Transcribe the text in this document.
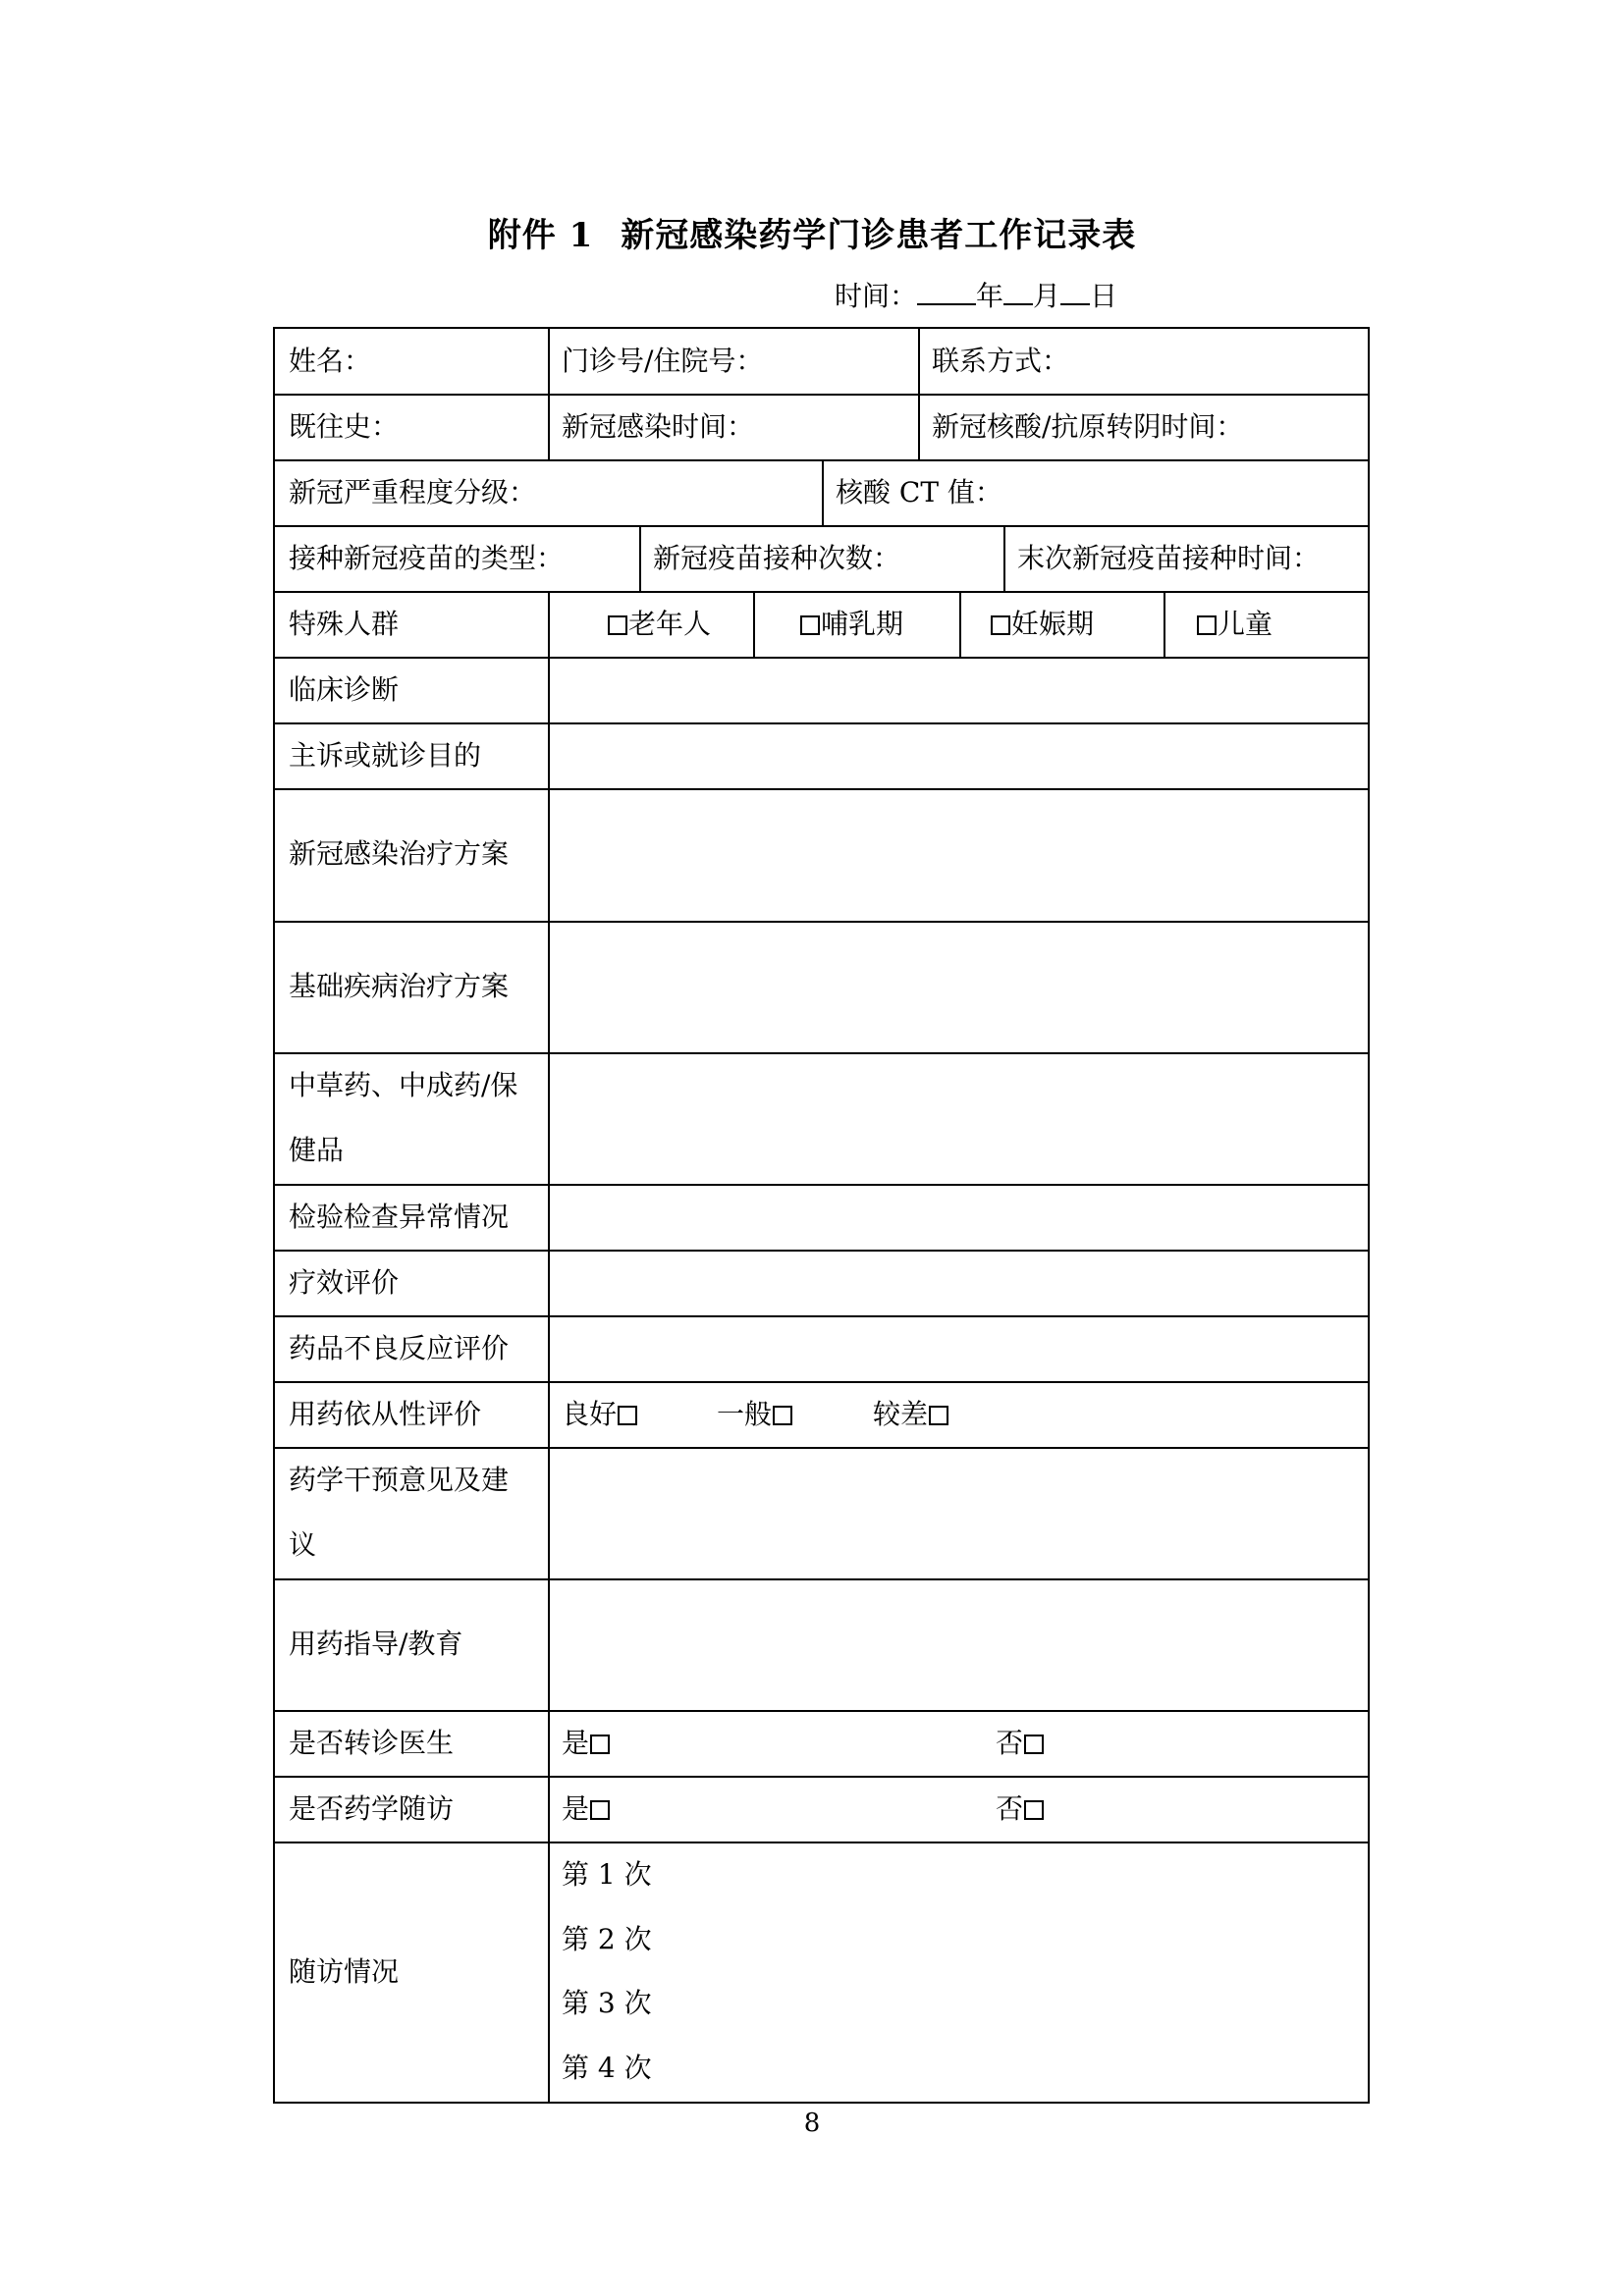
附件 1 新冠感染药学门诊患者工作记录表
时间： 年 月 日
姓名：	门诊号/住院号：	联系方式：
既往史：	新冠感染时间：	新冠核酸/抗原转阴时间：
新冠严重程度分级：	核酸 CT 值：
接种新冠疫苗的类型：	新冠疫苗接种次数：	末次新冠疫苗接种时间：
特殊人群	老年人	哺乳期	妊娠期	儿童
临床诊断
主诉或就诊目的
新冠感染治疗方案
基础疾病治疗方案
中草药、中成药/保
健品
检验检查异常情况
疗效评价
药品不良反应评价
用药依从性评价	良好	一般	较差
药学干预意见及建
议
用药指导/教育
是否转诊医生	是	否
是否药学随访	是	否
随访情况
第 1 次
第 2 次
第 3 次
第 4 次
8
